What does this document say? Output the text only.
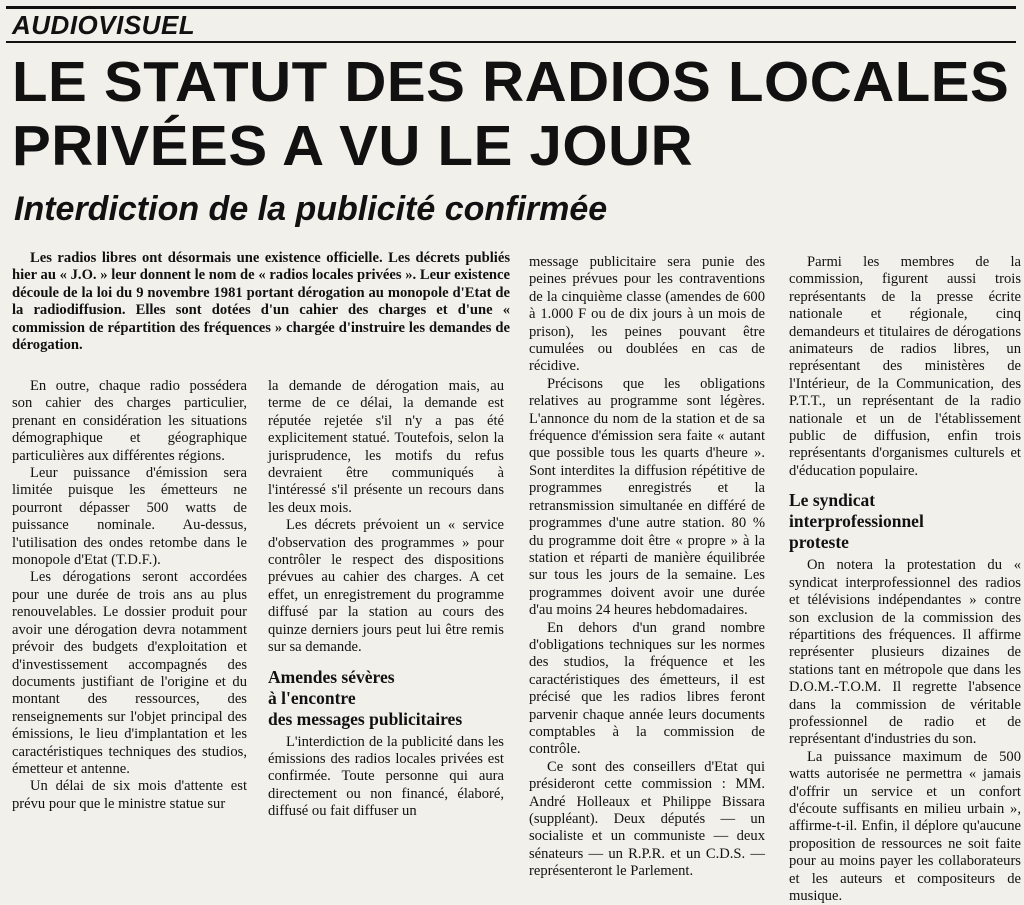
AUDIOVISUEL
LE STATUT DES RADIOS LOCALES
PRIVÉES A VU LE JOUR
Interdiction de la publicité confirmée

Les radios libres ont désormais une existence officielle. Les décrets publiés hier au « J.O. » leur donnent le nom de « radios locales privées ». Leur existence découle de la loi du 9 novembre 1981 portant dérogation au monopole d'Etat de la radiodiffusion. Elles sont dotées d'un cahier des charges et d'une « commission de répartition des fréquences » chargée d'instruire les demandes de dérogation.

En outre, chaque radio possédera son cahier des charges particulier, prenant en considération les situations démographique et géographique particulières aux différentes régions.

Leur puissance d'émission sera limitée puisque les émetteurs ne pourront dépasser 500 watts de puissance nominale. Au-dessus, l'utilisation des ondes retombe dans le monopole d'Etat (T.D.F.).

Les dérogations seront accordées pour une durée de trois ans au plus renouvelables. Le dossier produit pour avoir une dérogation devra notamment prévoir des budgets d'exploitation et d'investissement accompagnés des documents justifiant de l'origine et du montant des ressources, des renseignements sur l'objet principal des émissions, le lieu d'implantation et les caractéristiques techniques des studios, émetteur et antenne.

Un délai de six mois d'attente est prévu pour que le ministre statue sur

la demande de dérogation mais, au terme de ce délai, la demande est réputée rejetée s'il n'y a pas été explicitement statué. Toutefois, selon la jurisprudence, les motifs du refus devraient être communiqués à l'intéressé s'il présente un recours dans les deux mois.

Les décrets prévoient un « service d'observation des programmes » pour contrôler le respect des dispositions prévues au cahier des charges. A cet effet, un enregistrement du programme diffusé par la station au cours des quinze derniers jours peut lui être remis sur sa demande.

Amendes sévères
à l'encontre
des messages publicitaires

L'interdiction de la publicité dans les émissions des radios locales privées est confirmée. Toute personne qui aura directement ou non financé, élaboré, diffusé ou fait diffuser un

message publicitaire sera punie des peines prévues pour les contraventions de la cinquième classe (amendes de 600 à 1.000 F ou de dix jours à un mois de prison), les peines pouvant être cumulées ou doublées en cas de récidive.

Précisons que les obligations relatives au programme sont légères. L'annonce du nom de la station et de sa fréquence d'émission sera faite « autant que possible tous les quarts d'heure ». Sont interdites la diffusion répétitive de programmes enregistrés et la retransmission simultanée en différé de programmes d'une autre station. 80 % du programme doit être « propre » à la station et réparti de manière équilibrée sur tous les jours de la semaine. Les programmes doivent avoir une durée d'au moins 24 heures hebdomadaires.

En dehors d'un grand nombre d'obligations techniques sur les normes des studios, la fréquence et les caractéristiques des émetteurs, il est précisé que les radios libres feront parvenir chaque année leurs documents comptables à la commission de contrôle.

Ce sont des conseillers d'Etat qui présideront cette commission : MM. André Holleaux et Philippe Bissara (suppléant). Deux députés — un socialiste et un communiste — deux sénateurs — un R.P.R. et un C.D.S. — représenteront le Parlement.

Parmi les membres de la commission, figurent aussi trois représentants de la presse écrite nationale et régionale, cinq demandeurs et titulaires de dérogations animateurs de radios libres, un représentant des ministères de l'Intérieur, de la Communication, des P.T.T., un représentant de la radio nationale et un de l'établissement public de diffusion, enfin trois représentants d'organismes culturels et d'éducation populaire.

Le syndicat
interprofessionnel
proteste

On notera la protestation du « syndicat interprofessionnel des radios et télévisions indépendantes » contre son exclusion de la commission des répartitions des fréquences. Il affirme représenter plusieurs dizaines de stations tant en métropole que dans les D.O.M.-T.O.M. Il regrette l'absence dans la commission de véritable professionnel de radio et de représentant d'industries du son.

La puissance maximum de 500 watts autorisée ne permettra « jamais d'offrir un service et un confort d'écoute suffisants en milieu urbain », affirme-t-il. Enfin, il déplore qu'aucune proposition de ressources ne soit faite pour au moins payer les collaborateurs et les auteurs et compositeurs de musique.
